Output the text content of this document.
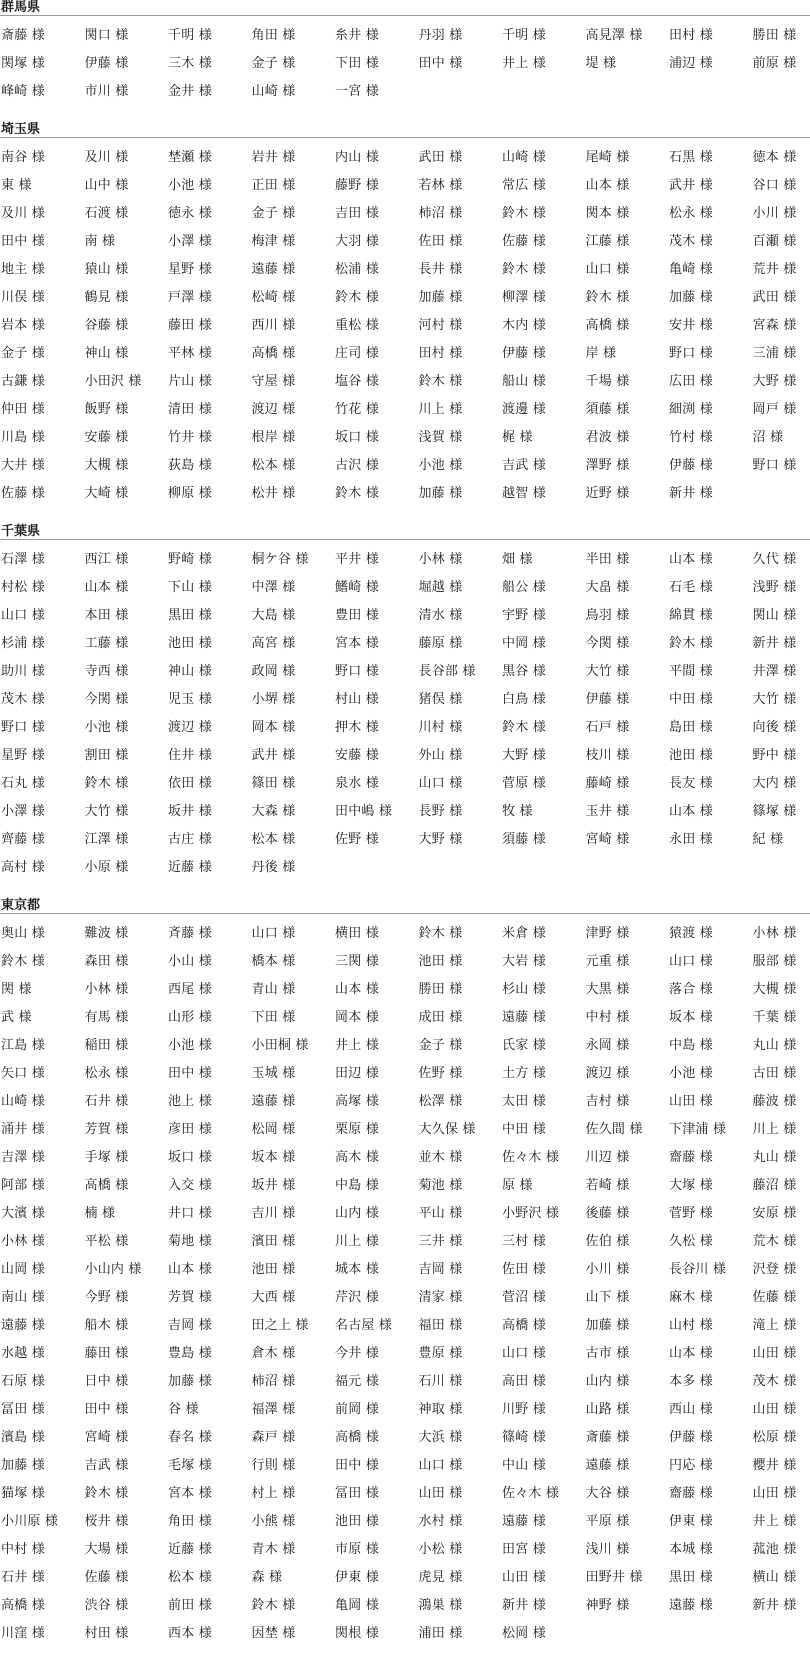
群馬県
斎藤 様	関口 様	千明 様	角田 様	糸井 様	丹羽 様	千明 様	高見澤 様	田村 様	勝田 様
関塚 様	伊藤 様	三木 様	金子 様	下田 様	田中 様	井上 様	堤 様	浦辺 様	前原 様
峰崎 様	市川 様	金井 様	山崎 様	一宮 様
埼玉県
南谷 様	及川 様	埜瀬 様	岩井 様	内山 様	武田 様	山崎 様	尾崎 様	石黒 様	徳本 様
東 様	山中 様	小池 様	正田 様	藤野 様	若林 様	常広 様	山本 様	武井 様	谷口 様
及川 様	石渡 様	徳永 様	金子 様	吉田 様	柿沼 様	鈴木 様	関本 様	松永 様	小川 様
田中 様	南 様	小澤 様	梅津 様	大羽 様	佐田 様	佐藤 様	江藤 様	茂木 様	百瀬 様
地主 様	猿山 様	星野 様	遠藤 様	松浦 様	長井 様	鈴木 様	山口 様	亀崎 様	荒井 様
川俣 様	鶴見 様	戸澤 様	松崎 様	鈴木 様	加藤 様	柳澤 様	鈴木 様	加藤 様	武田 様
岩本 様	谷藤 様	藤田 様	西川 様	重松 様	河村 様	木内 様	高橋 様	安井 様	宮森 様
金子 様	神山 様	平林 様	高橋 様	庄司 様	田村 様	伊藤 様	岸 様	野口 様	三浦 様
古鎌 様	小田沢 様	片山 様	守屋 様	塩谷 様	鈴木 様	船山 様	千場 様	広田 様	大野 様
仲田 様	飯野 様	清田 様	渡辺 様	竹花 様	川上 様	渡邊 様	須藤 様	細渕 様	岡戸 様
川島 様	安藤 様	竹井 様	根岸 様	坂口 様	浅賀 様	梶 様	君波 様	竹村 様	沼 様
大井 様	大槻 様	荻島 様	松本 様	古沢 様	小池 様	吉武 様	澤野 様	伊藤 様	野口 様
佐藤 様	大崎 様	柳原 様	松井 様	鈴木 様	加藤 様	越智 様	近野 様	新井 様
千葉県
石澤 様	西江 様	野崎 様	桐ケ谷 様	平井 様	小林 様	畑 様	半田 様	山本 様	久代 様
村松 様	山本 様	下山 様	中澤 様	鰭崎 様	堀越 様	船公 様	大畠 様	石毛 様	浅野 様
山口 様	本田 様	黒田 様	大島 様	豊田 様	清水 様	宇野 様	鳥羽 様	綿貫 様	関山 様
杉浦 様	工藤 様	池田 様	高宮 様	宮本 様	藤原 様	中岡 様	今関 様	鈴木 様	新井 様
助川 様	寺西 様	神山 様	政岡 様	野口 様	長谷部 様	黒谷 様	大竹 様	平間 様	井澤 様
茂木 様	今関 様	児玉 様	小堺 様	村山 様	猪俣 様	白鳥 様	伊藤 様	中田 様	大竹 様
野口 様	小池 様	渡辺 様	岡本 様	押木 様	川村 様	鈴木 様	石戸 様	島田 様	向後 様
星野 様	割田 様	住井 様	武井 様	安藤 様	外山 様	大野 様	枝川 様	池田 様	野中 様
石丸 様	鈴木 様	依田 様	篠田 様	泉水 様	山口 様	菅原 様	藤崎 様	長友 様	大内 様
小澤 様	大竹 様	坂井 様	大森 様	田中嶋 様	長野 様	牧 様	玉井 様	山本 様	篠塚 様
齊藤 様	江澤 様	古庄 様	松本 様	佐野 様	大野 様	須藤 様	宮崎 様	永田 様	紀 様
高村 様	小原 様	近藤 様	丹後 様
東京都
奥山 様	難波 様	斉藤 様	山口 様	横田 様	鈴木 様	米倉 様	津野 様	猿渡 様	小林 様
鈴木 様	森田 様	小山 様	橋本 様	三関 様	池田 様	大岩 様	元重 様	山口 様	服部 様
関 様	小林 様	西尾 様	青山 様	山本 様	勝田 様	杉山 様	大黒 様	落合 様	大槻 様
武 様	有馬 様	山形 様	下田 様	岡本 様	成田 様	遠藤 様	中村 様	坂本 様	千葉 様
江島 様	稲田 様	小池 様	小田桐 様	井上 様	金子 様	氏家 様	永岡 様	中島 様	丸山 様
矢口 様	松永 様	田中 様	玉城 様	田辺 様	佐野 様	土方 様	渡辺 様	小池 様	古田 様
山崎 様	石井 様	池上 様	遠藤 様	高塚 様	松澤 様	太田 様	吉村 様	山田 様	藤波 様
涌井 様	芳賀 様	彦田 様	松岡 様	栗原 様	大久保 様	中田 様	佐久間 様	下津浦 様	川上 様
吉澤 様	手塚 様	坂口 様	坂本 様	高木 様	並木 様	佐々木 様	川辺 様	齋藤 様	丸山 様
阿部 様	高橋 様	入交 様	坂井 様	中島 様	菊池 様	原 様	若崎 様	大塚 様	藤沼 様
大濱 様	楠 様	井口 様	吉川 様	山内 様	平山 様	小野沢 様	後藤 様	菅野 様	安原 様
小林 様	平松 様	菊地 様	濱田 様	川上 様	三井 様	三村 様	佐伯 様	久松 様	荒木 様
山岡 様	小山内 様	山本 様	池田 様	城本 様	吉岡 様	佐田 様	小川 様	長谷川 様	沢登 様
南山 様	今野 様	芳賀 様	大西 様	芹沢 様	清家 様	菅沼 様	山下 様	麻木 様	佐藤 様
遠藤 様	船木 様	吉岡 様	田之上 様	名古屋 様	福田 様	高橋 様	加藤 様	山村 様	滝上 様
水越 様	藤田 様	豊島 様	倉木 様	今井 様	豊原 様	山口 様	古市 様	山本 様	山田 様
石原 様	日中 様	加藤 様	柿沼 様	福元 様	石川 様	高田 様	山内 様	本多 様	茂木 様
冨田 様	田中 様	谷 様	福澤 様	前岡 様	神取 様	川野 様	山路 様	西山 様	山田 様
濱島 様	宮崎 様	春名 様	森戸 様	高橋 様	大浜 様	篠崎 様	斎藤 様	伊藤 様	松原 様
加藤 様	吉武 様	毛塚 様	行則 様	田中 様	山口 様	中山 様	遠藤 様	円応 様	櫻井 様
猫塚 様	鈴木 様	宮本 様	村上 様	冨田 様	山田 様	佐々木 様	大谷 様	齋藤 様	山田 様
小川原 様	桜井 様	角田 様	小熊 様	池田 様	水村 様	遠藤 様	平原 様	伊東 様	井上 様
中村 様	大場 様	近藤 様	青木 様	市原 様	小松 様	田宮 様	浅川 様	本城 様	菰池 様
石井 様	佐藤 様	松本 様	森 様	伊東 様	虎見 様	山田 様	田野井 様	黒田 様	横山 様
高橋 様	渋谷 様	前田 様	鈴木 様	亀岡 様	鴻巣 様	新井 様	神野 様	遠藤 様	新井 様
川窪 様	村田 様	西本 様	因埜 様	関根 様	浦田 様	松岡 様
